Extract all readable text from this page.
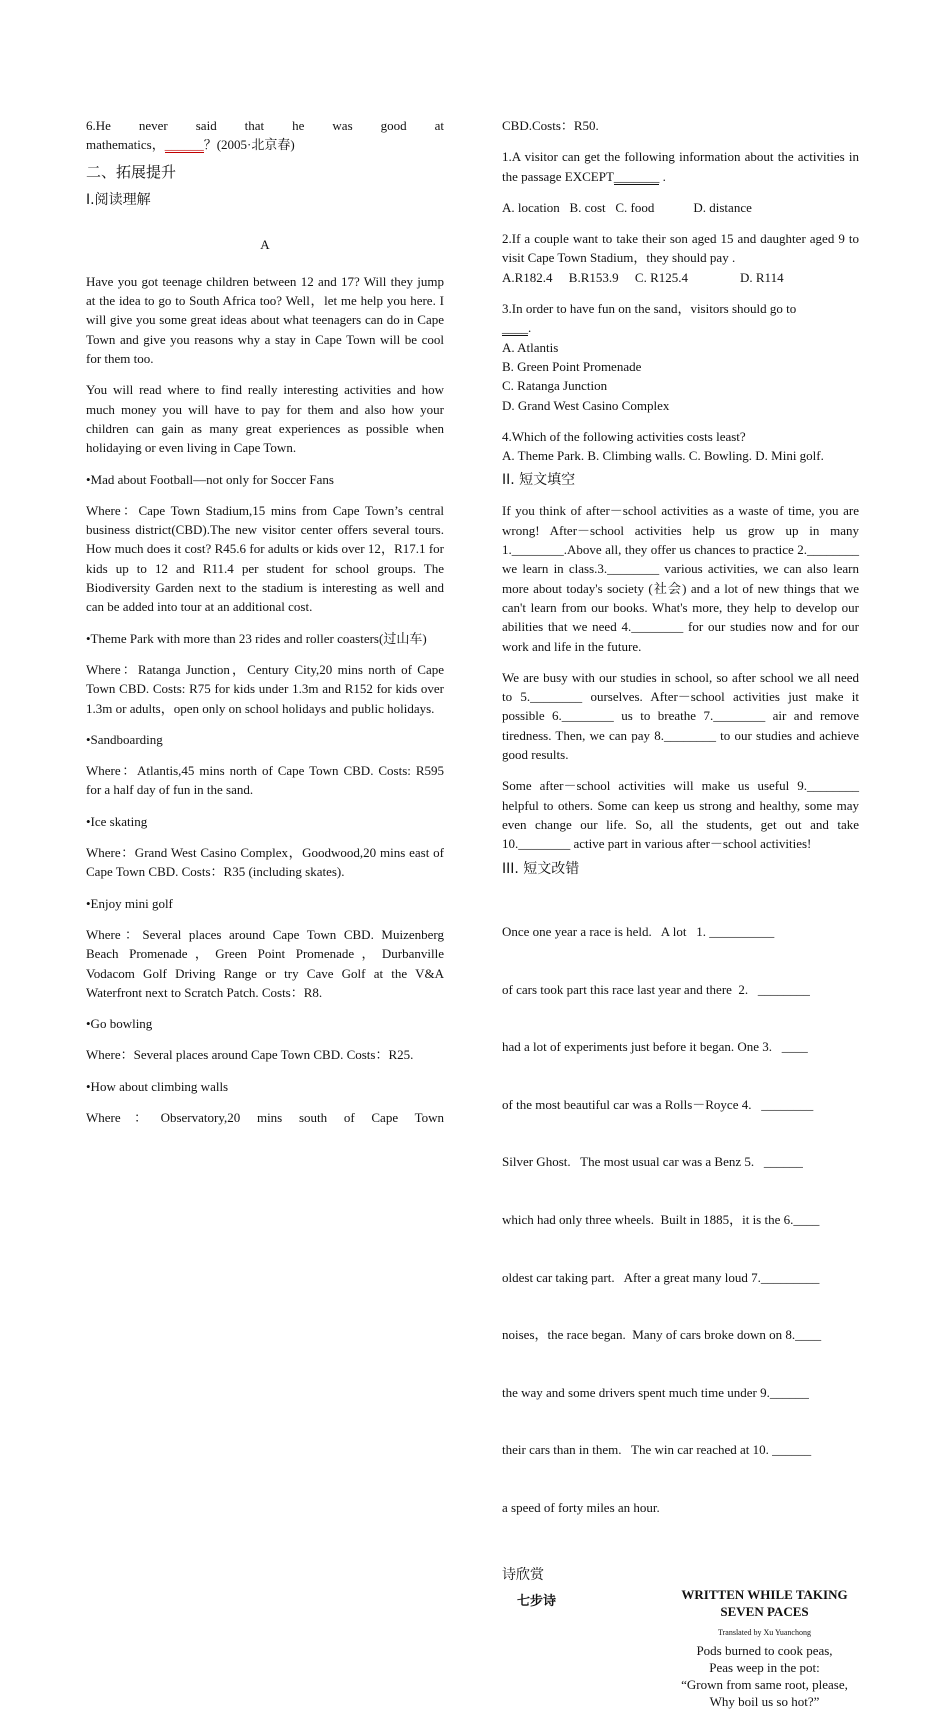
6.He never said that he was good at

mathematics，______？(2005·北京春)

二、拓展提升
I.阅读理解

A

Have you got teenage children between 12 and 17? Will they jump at the idea to go to South Africa too? Well，let me help you here. I will give you some great ideas about what teenagers can do in Cape Town and give you reasons why a stay in Cape Town will be cool for them too.

You will read where to find really interesting activities and how much money you will have to pay for them and also how your children can gain as many great experiences as possible when holidaying or even living in Cape Town.

•Mad about Football—not only for Soccer Fans

Where：Cape Town Stadium,15 mins from Cape Town’s central business district(CBD).The new visitor center offers several tours. How much does it cost? R45.6 for adults or kids over 12，R17.1 for kids up to 12 and R11.4 per student for school groups. The Biodiversity Garden next to the stadium is interesting as well and can be added into tour at an additional cost.

•Theme Park with more than 23 rides and roller coasters(过山车)

Where：Ratanga Junction，Century City,20 mins north of Cape Town CBD. Costs: R75 for kids under 1.3m and R152 for kids over 1.3m or adults，open only on school holidays and public holidays.

•Sandboarding

Where：Atlantis,45 mins north of Cape Town CBD. Costs: R595 for a half day of fun in the sand.

•Ice skating

Where：Grand West Casino Complex，Goodwood,20 mins east of Cape Town CBD. Costs：R35 (including skates).

•Enjoy mini golf

Where：Several places around Cape Town CBD. Muizenberg Beach Promenade，Green Point Promenade，Durbanville Vodacom Golf Driving Range or try Cave Golf at the V&A Waterfront next to Scratch Patch. Costs：R8.

•Go bowling

Where：Several places around Cape Town CBD. Costs：R25.

•How about climbing walls

Where：Observatory,20 mins south of Cape Town

CBD.Costs：R50.

1.A visitor can get the following information about the activities in the passage EXCEPT_______ .

A. location   B. cost   C. food            D. distance

2.If a couple want to take their son aged 15 and daughter aged 9 to visit Cape Town Stadium，they should pay .

A.R182.4     B.R153.9     C. R125.4                D. R114

3.In order to have fun on the sand，visitors should go to

____.

A. Atlantis

B. Green Point Promenade

C. Ratanga Junction

D. Grand West Casino Complex

4.Which of the following activities costs least?

A. Theme Park. B. Climbing walls. C. Bowling. D. Mini golf.

II. 短文填空

If you think of after－school activities as a waste of time, you are wrong! After－school activities help us grow up in many 1.________.Above all, they offer us chances to practice 2.________ we learn in class.3.________ various activities, we can also learn more about today's society (社会) and a lot of new things that we can't learn from our books. What's more, they help to develop our abilities that we need 4.________ for our studies now and for our work and life in the future.

We are busy with our studies in school, so after school we all need to 5.________ ourselves. After－school activities just make it possible 6.________ us to breathe 7.________ air and remove tiredness. Then, we can pay 8.________ to our studies and achieve good results.

Some after－school activities will make us useful 9.________ helpful to others. Some can keep us strong and healthy, some may even change our life. So, all the students, get out and take 10.________ active part in various after－school activities!

III. 短文改错

Once one year a race is held.   A lot   1. __________

of cars took part this race last year and there  2.   ________

had a lot of experiments just before it began. One 3.   ____

of the most beautiful car was a Rolls－Royce 4.   ________

Silver Ghost.   The most usual car was a Benz 5.   ______

which had only three wheels.  Built in 1885，it is the 6.____

oldest car taking part.   After a great many loud 7._________

noises，the race began.  Many of cars broke down on 8.____

the way and some drivers spent much time under 9.______

their cars than in them.   The win car reached at 10. ______

a speed of forty miles an hour.

诗欣赏
七步诗	WRITTEN WHILE TAKING
SEVEN PACES
Translated by Xu Yuanchong
Pods burned to cook peas,
Peas weep in the pot:
“Grown from same root, please,
Why boil us so hot?”
